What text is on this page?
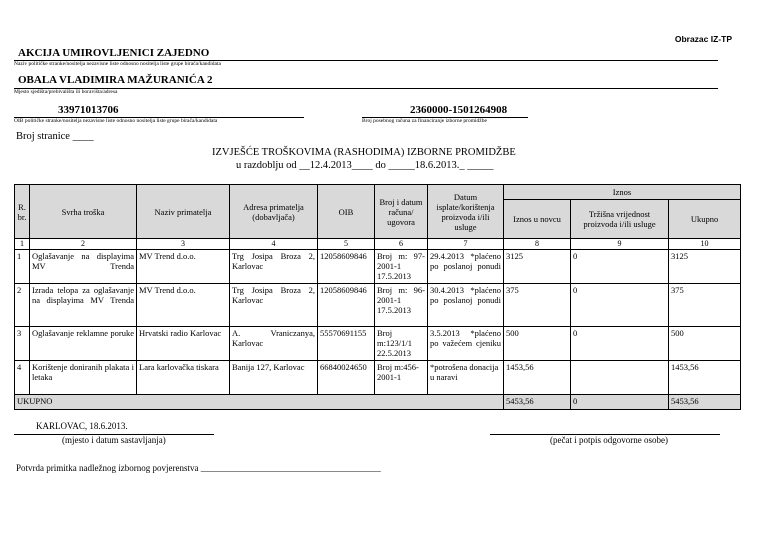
Obrazac IZ-TP
AKCIJA UMIROVLJENICI ZAJEDNO
Naziv političke stranke/nositelja nezavisne liste odnosno nositelja liste grupe birača/kandidata
OBALA VLADIMIRA MAŽURANIĆA 2
Mjesto sjedišta/prebivališta ili boravišta/adresa
33971013706
OIB političke stranke/nositelja nezavisne liste odnosno nositelja liste grupe birača/kandidata
2360000-1501264908
Broj posebnog računa za financiranje izborne promidžbe
Broj stranice ____
IZVJEŠĆE TROŠKOVIMA (RASHODIMA) IZBORNE PROMIDŽBE
u razdoblju od __12.4.2013____ do _____18.6.2013._ _____
R. br.	Svrha troška	Naziv primatelja	Adresa primatelja (dobavljača)	OIB	Broj i datum računa/ ugovora	Datum isplate/korištenja proizvoda i/ili usluge	Iznos		
							Iznos u novcu	Tržišna vrijednost proizvoda i/ili usluge	Ukupno
1	2	3	4	5	6	7	8	9	10
1	Oglašavanje na displayima MV Trenda	MV Trend d.o.o.	Trg Josipa Broza 2, Karlovac	12058609846	Broj m: 97-2001-1 17.5.2013	29.4.2013 *plaćeno po poslanoj ponudi	3125	0	3125
2	Izrada telopa za oglašavanje na displayima MV Trenda	MV Trend d.o.o.	Trg Josipa Broza 2, Karlovac	12058609846	Broj m: 96-2001-1 17.5.2013	30.4.2013 *plaćeno po poslanoj ponudi	375	0	375
3	Oglašavanje reklamne poruke	Hrvatski radio Karlovac	A. Vraniczanya, Karlovac	55570691155	Broj m:123/1/1 22.5.2013	3.5.2013 *plaćeno po važećem cjeniku	500	0	500
4	Korištenje doniranih plakata i letaka	Lara karlovačka tiskara	Banija 127, Karlovac	66840024650	Broj m:456-2001-1	*potrošena donacija u naravi	1453,56		1453,56
UKUPNO							5453,56	0	5453,56
KARLOVAC, 18.6.2013.
(mjesto i datum sastavljanja)	(pečat i potpis odgovorne osobe)
Potvrda primitka nadležnog izbornog povjerenstva ________________________________________
